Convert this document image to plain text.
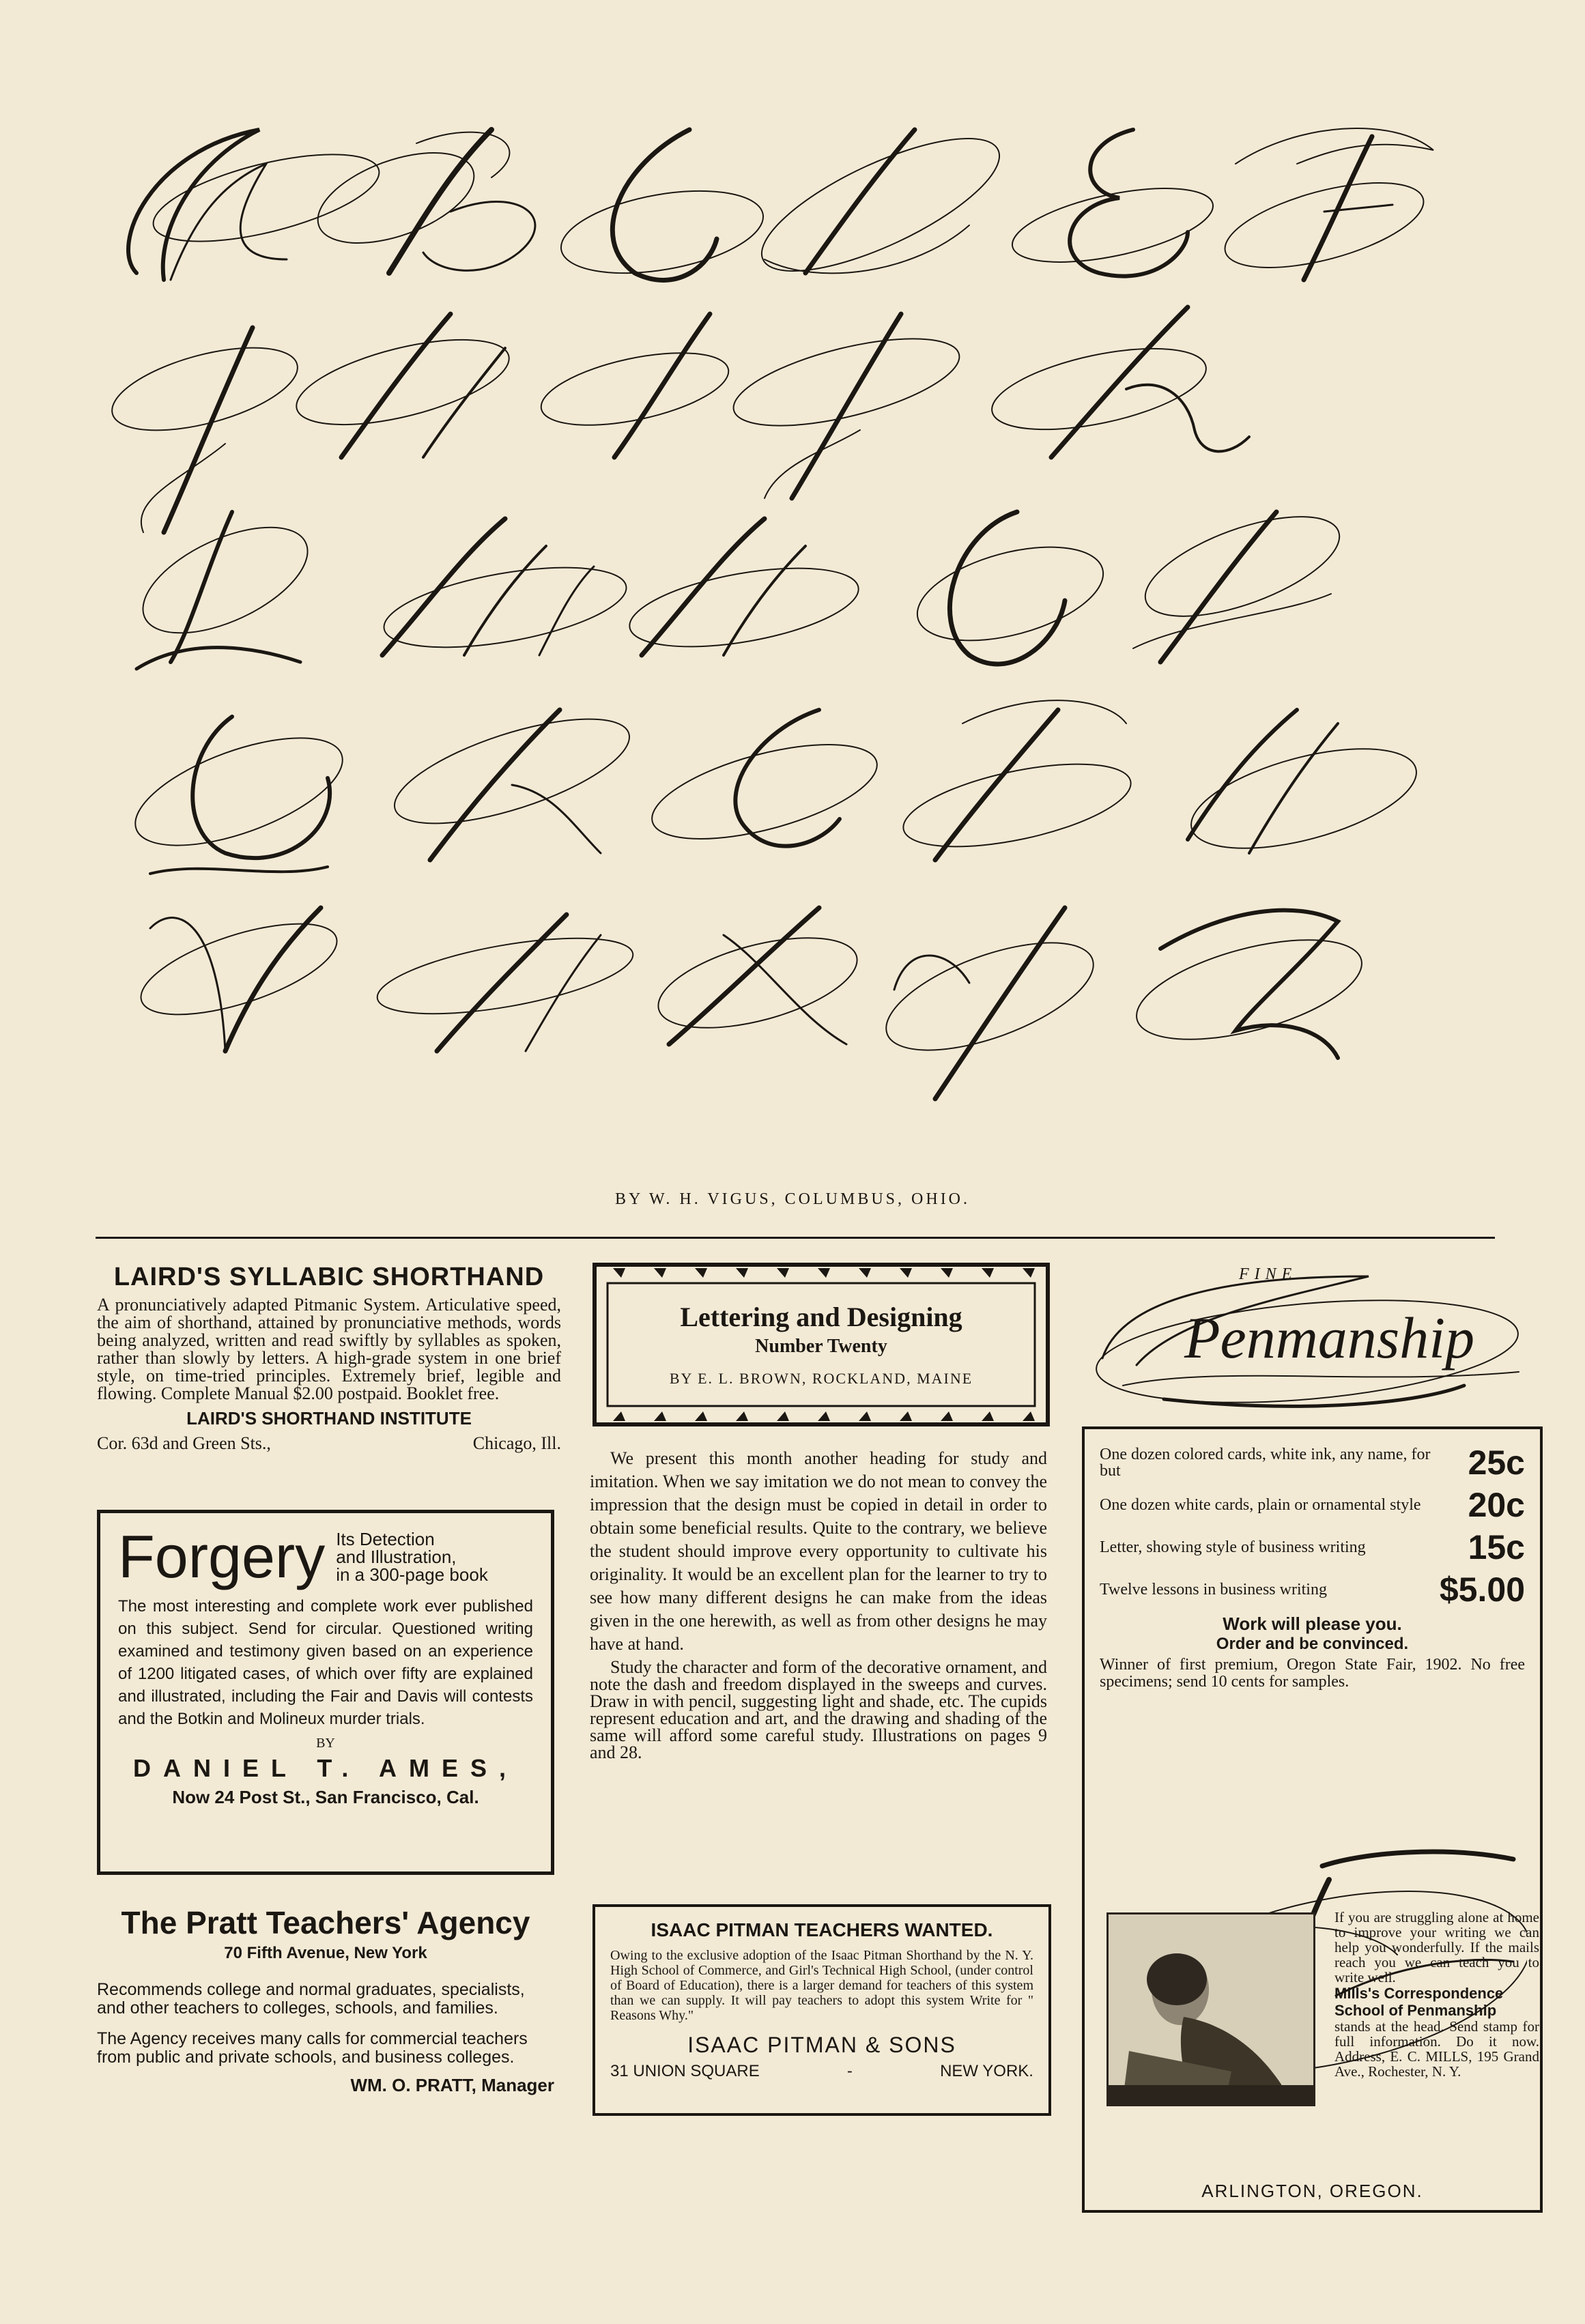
BY W. H. VIGUS, COLUMBUS, OHIO.
LAIRD'S SYLLABIC SHORTHAND
A pronunciatively adapted Pitmanic System. Articulative speed, the aim of shorthand, attained by pronunciative methods, words being analyzed, written and read swiftly by syllables as spoken, rather than slowly by letters. A high-grade system in one brief style, on time-tried principles. Extremely brief, legible and flowing. Complete Manual $2.00 postpaid. Booklet free.
LAIRD'S SHORTHAND INSTITUTE
Cor. 63d and Green Sts.,	Chicago, Ill.
Forgery Its Detection
and Illustration,
in a 300-page book
The most interesting and complete work ever published on this subject. Send for circular. Questioned writing examined and testimony given based on an experience of 1200 litigated cases, of which over fifty are explained and illustrated, including the Fair and Davis will contests and the Botkin and Molineux murder trials.
BY
DANIEL T. AMES,
Now 24 Post St., San Francisco, Cal.
The Pratt Teachers' Agency
70 Fifth Avenue, New York
Recommends college and normal graduates, specialists, and other teachers to colleges, schools, and families.
The Agency receives many calls for commercial teachers from public and private schools, and business colleges.
WM. O. PRATT, Manager
Lettering and Designing
Number Twenty
BY E. L. BROWN, ROCKLAND, MAINE
We present this month another heading for study and imitation. When we say imitation we do not mean to convey the impression that the design must be copied in detail in order to obtain some beneficial results. Quite to the contrary, we believe the student should improve every opportunity to cultivate his originality. It would be an excellent plan for the learner to try to see how many different designs he can make from the ideas given in the one herewith, as well as from other designs he may have at hand.
Study the character and form of the decorative ornament, and note the dash and freedom displayed in the sweeps and curves. Draw in with pencil, suggesting light and shade, etc. The cupids represent education and art, and the drawing and shading of the same will afford some careful study. Illustrations on pages 9 and 28.
ISAAC PITMAN TEACHERS WANTED.
Owing to the exclusive adoption of the Isaac Pitman Shorthand by the N. Y. High School of Commerce, and Girl's Technical High School, (under control of Board of Education), there is a larger demand for teachers of this system than we can supply. It will pay teachers to adopt this system Write for " Reasons Why."
ISAAC PITMAN & SONS
31 UNION SQUARE	-	NEW YORK.
FINE
Penmanship
One dozen colored cards, white ink, any name, for but	25c
One dozen white cards, plain or ornamental style	20c
Letter, showing style of business writing	15c
Twelve lessons in business writing	$5.00
Work will please you.
Order and be convinced.
Winner of first premium, Oregon State Fair, 1902. No free specimens; send 10 cents for samples.
ARLINGTON, OREGON.
If you are struggling alone at home to improve your writing we can help you wonderfully. If the mails reach you we can teach you to write well.
Mills's Correspondence School of Penmanship
stands at the head. Send stamp for full information. Do it now. Address, E. C. MILLS, 195 Grand Ave., Rochester, N. Y.
